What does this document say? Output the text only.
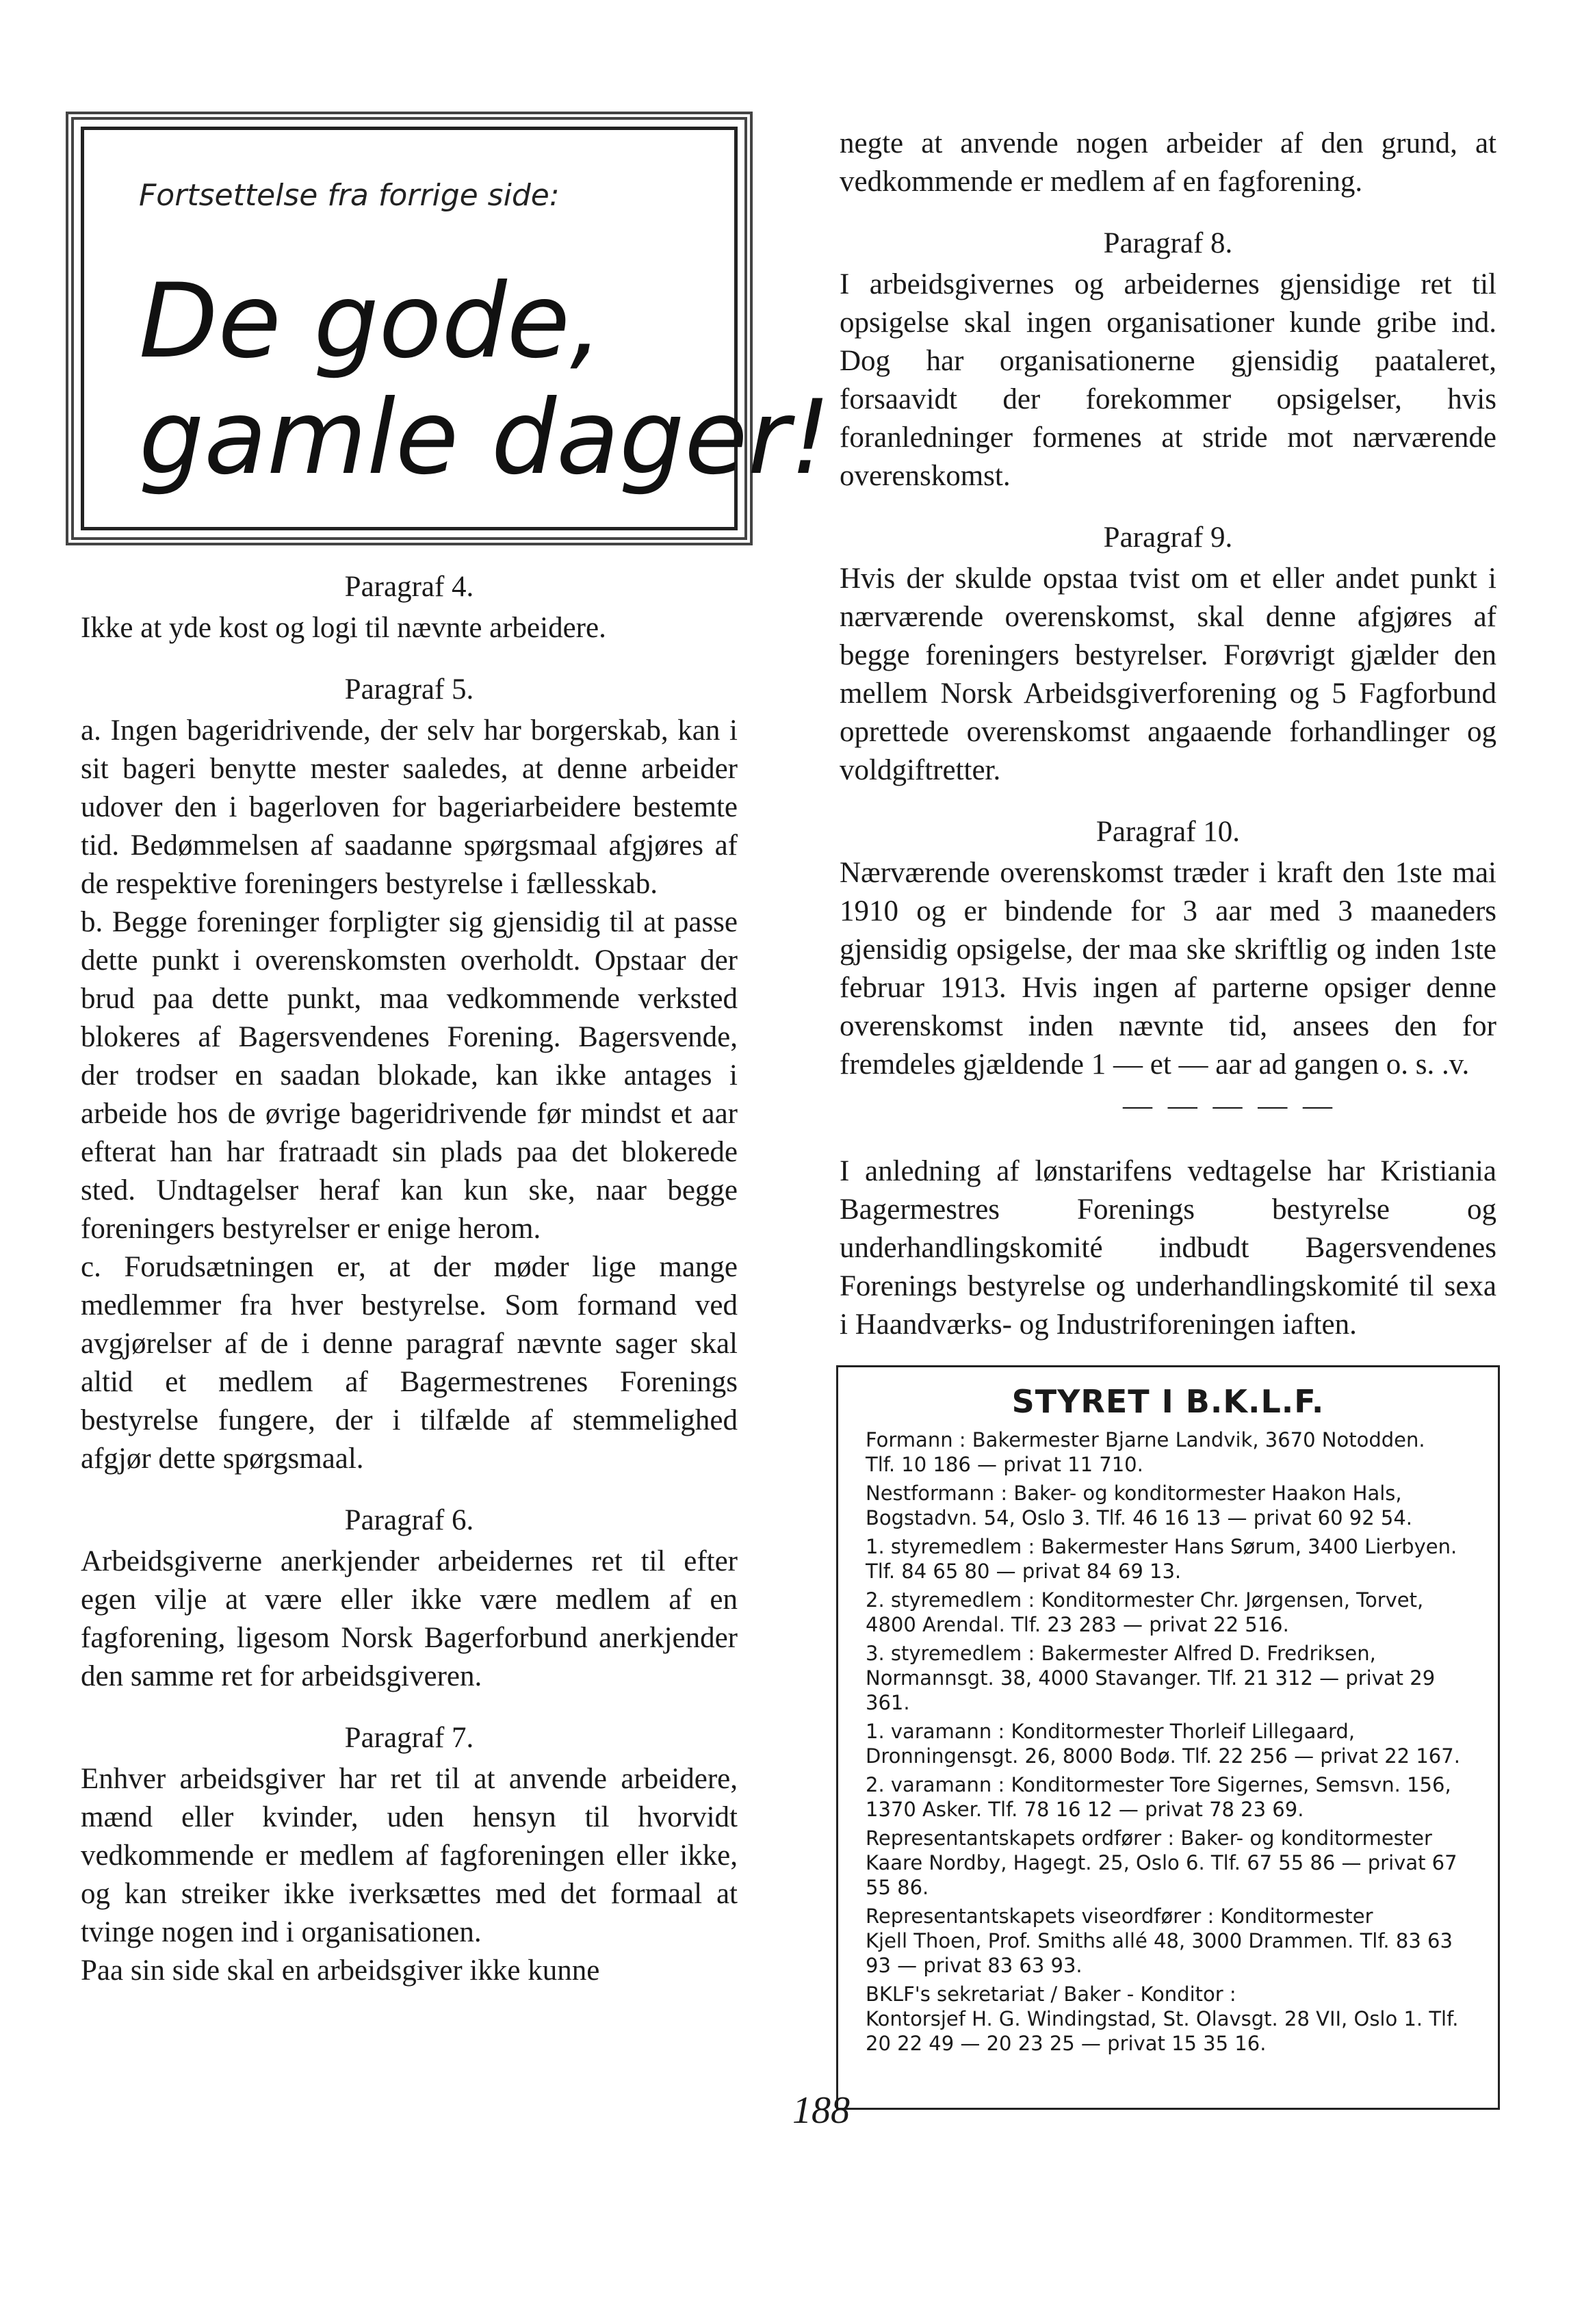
Fortsettelse fra forrige side:
De gode,
gamle dager!
Paragraf 4.

Ikke at yde kost og logi til nævnte arbeidere.

Paragraf 5.

a. Ingen bageridrivende, der selv har borgerskab, kan i sit bageri benytte mester saaledes, at denne arbeider udover den i bagerloven for bageriarbeidere bestemte tid. Bedømmelsen af saadanne spørgsmaal afgjøres af de respektive foreningers bestyrelse i fællesskab.

b. Begge foreninger forpligter sig gjensidig til at passe dette punkt i overenskomsten overholdt. Opstaar der brud paa dette punkt, maa vedkommende verksted blokeres af Bagersvendenes Forening. Bagersvende, der trodser en saadan blokade, kan ikke antages i arbeide hos de øvrige bageridrivende før mindst et aar efterat han har fratraadt sin plads paa det blokerede sted. Undtagelser heraf kan kun ske, naar begge foreningers bestyrelser er enige herom.

c. Forudsætningen er, at der møder lige mange medlemmer fra hver bestyrelse. Som formand ved avgjørelser af de i denne paragraf nævnte sager skal altid et medlem af Bagermestrenes Forenings bestyrelse fungere, der i tilfælde af stemmelighed afgjør dette spørgsmaal.

Paragraf 6.

Arbeidsgiverne anerkjender arbeidernes ret til efter egen vilje at være eller ikke være medlem af en fagforening, ligesom Norsk Bagerforbund anerkjender den samme ret for arbeidsgiveren.

Paragraf 7.

Enhver arbeidsgiver har ret til at anvende arbeidere, mænd eller kvinder, uden hensyn til hvorvidt vedkommende er medlem af fagforeningen eller ikke, og kan streiker ikke iverksættes med det formaal at tvinge nogen ind i organisationen.

Paa sin side skal en arbeidsgiver ikke kunne

negte at anvende nogen arbeider af den grund, at vedkommende er medlem af en fagforening.

Paragraf 8.

I arbeidsgivernes og arbeidernes gjensidige ret til opsigelse skal ingen organisationer kunde gribe ind. Dog har organisationerne gjensidig paataleret, forsaavidt der forekommer opsigelser, hvis foranledninger formenes at stride mot nærværende overenskomst.

Paragraf 9.

Hvis der skulde opstaa tvist om et eller andet punkt i nærværende overenskomst, skal denne afgjøres af begge foreningers bestyrelser. Forøvrigt gjælder den mellem Norsk Arbeidsgiverforening og 5 Fagforbund oprettede overenskomst angaaende forhandlinger og voldgiftretter.

Paragraf 10.

Nærværende overenskomst træder i kraft den 1ste mai 1910 og er bindende for 3 aar med 3 maaneders gjensidig opsigelse, der maa ske skriftlig og inden 1ste februar 1913. Hvis ingen af parterne opsiger denne overenskomst inden nævnte tid, ansees den for fremdeles gjældende 1 — et — aar ad gangen o. s. .v.

— — — — —

I anledning af lønstarifens vedtagelse har Kristiania Bagermestres Forenings bestyrelse og underhandlingskomité indbudt Bagersvendenes Forenings bestyrelse og underhandlingskomité til sexa i Haandværks- og Industriforeningen iaften.

STYRET I B.K.L.F.
Formann : Bakermester Bjarne Landvik, 3670 Notodden.
Tlf. 10 186 — privat 11 710.
Nestformann : Baker- og konditormester Haakon Hals,
Bogstadvn. 54, Oslo 3. Tlf. 46 16 13 — privat 60 92 54.
1. styremedlem : Bakermester Hans Sørum, 3400 Lierbyen.
Tlf. 84 65 80 — privat 84 69 13.
2. styremedlem : Konditormester Chr. Jørgensen, Torvet,
4800 Arendal. Tlf. 23 283 — privat 22 516.
3. styremedlem : Bakermester Alfred D. Fredriksen, Normannsgt. 38, 4000 Stavanger. Tlf. 21 312 — privat 29 361.
1. varamann : Konditormester Thorleif Lillegaard, Dronningensgt. 26, 8000 Bodø. Tlf. 22 256 — privat 22 167.
2. varamann : Konditormester Tore Sigernes, Semsvn. 156,
1370 Asker. Tlf. 78 16 12 — privat 78 23 69.
Representantskapets ordfører : Baker- og konditormester
Kaare Nordby, Hagegt. 25, Oslo 6. Tlf. 67 55 86 — privat 67 55 86.
Representantskapets viseordfører : Konditormester
Kjell Thoen, Prof. Smiths allé 48, 3000 Drammen. Tlf. 83 63 93 — privat 83 63 93.
BKLF's sekretariat / Baker - Konditor :
Kontorsjef H. G. Windingstad, St. Olavsgt. 28 VII, Oslo 1. Tlf. 20 22 49 — 20 23 25 — privat 15 35 16.
188
